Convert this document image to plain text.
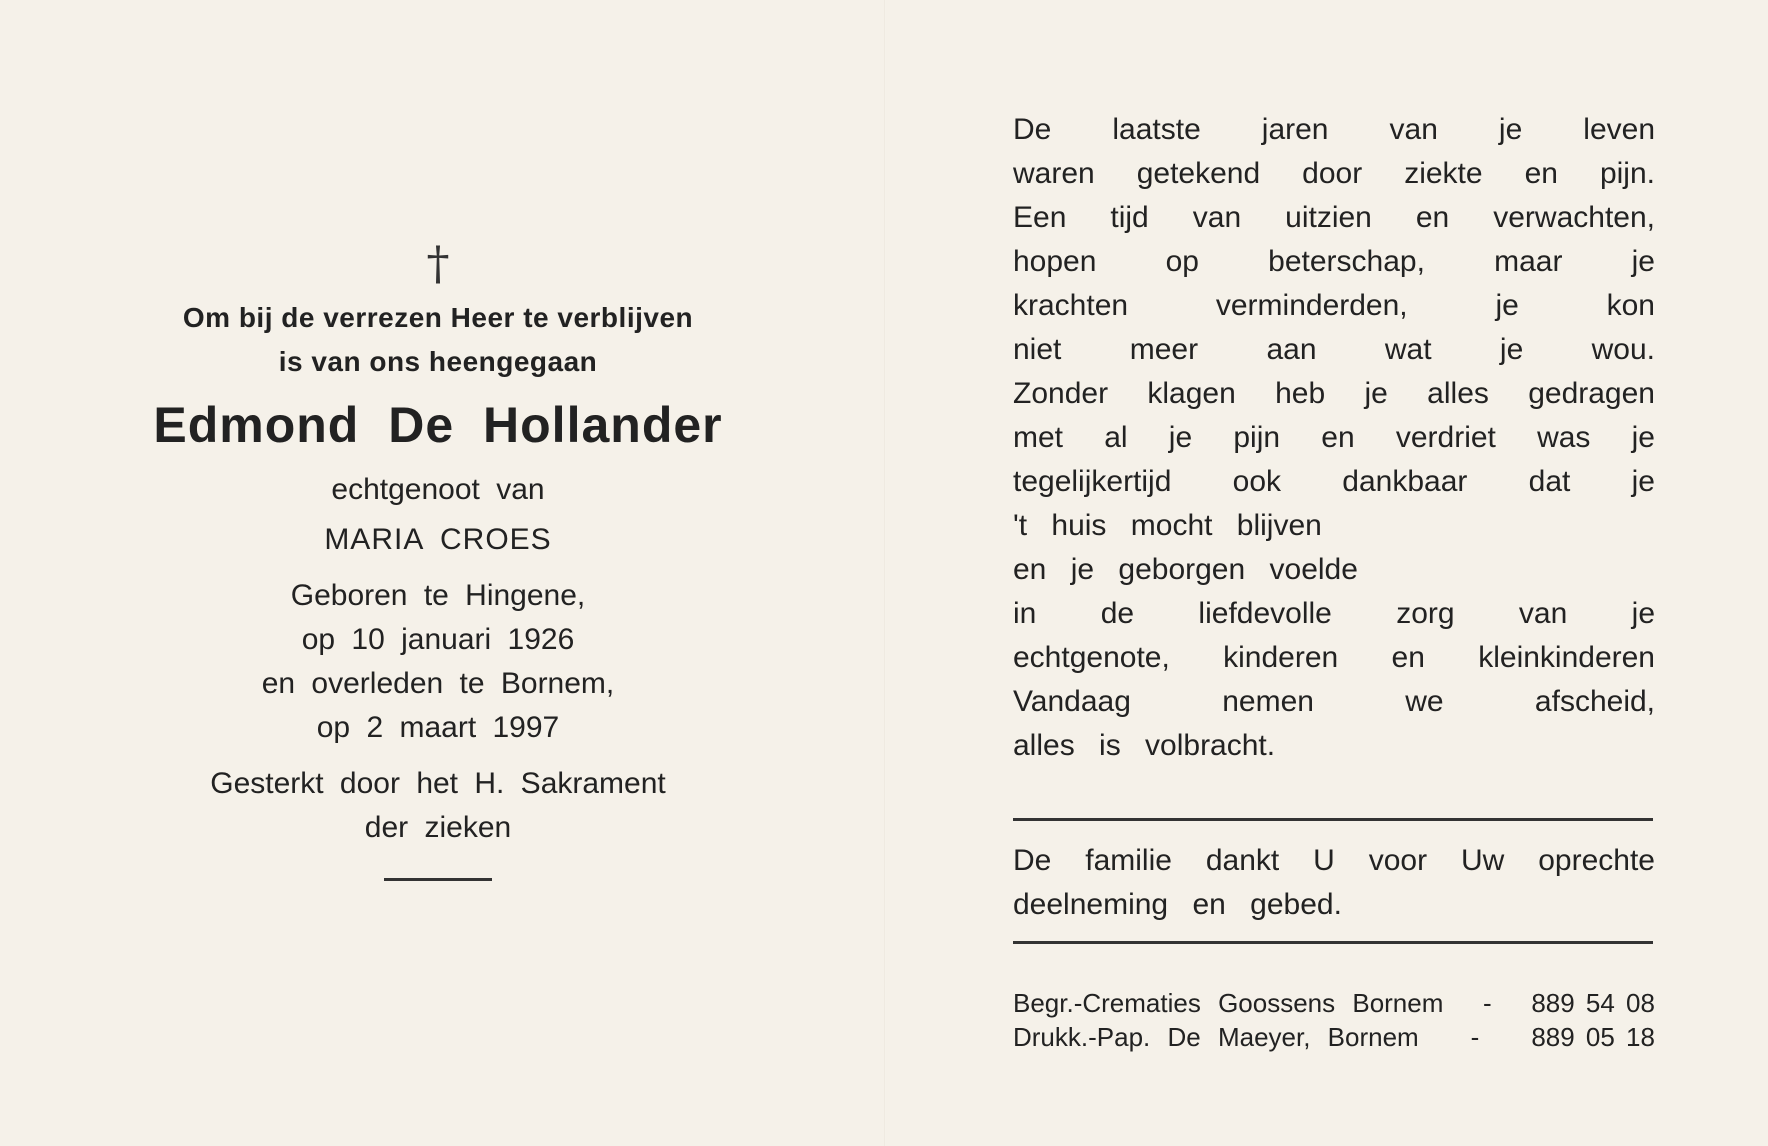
†
Om bij de verrezen Heer te verblijven
is van ons heengegaan
Edmond De Hollander
echtgenoot van
MARIA CROES
Geboren te Hingene,
op 10 januari 1926
en overleden te Bornem,
op 2 maart 1997
Gesterkt door het H. Sakrament
der zieken
De laatste jaren van je leven
waren getekend door ziekte en pijn.
Een tijd van uitzien en verwachten,
hopen op beterschap, maar je
krachten verminderden, je kon
niet meer aan wat je wou.
Zonder klagen heb je alles gedragen
met al je pijn en verdriet was je
tegelijkertijd ook dankbaar dat je
't huis mocht blijven
en je geborgen voelde
in de liefdevolle zorg van je
echtgenote, kinderen en kleinkinderen
Vandaag nemen we afscheid,
alles is volbracht.
De familie dankt U voor Uw oprechte
deelneming en gebed.
Begr.-Crematies Goossens Bornem - 889 54 08
Drukk.-Pap. De Maeyer, Bornem - 889 05 18
